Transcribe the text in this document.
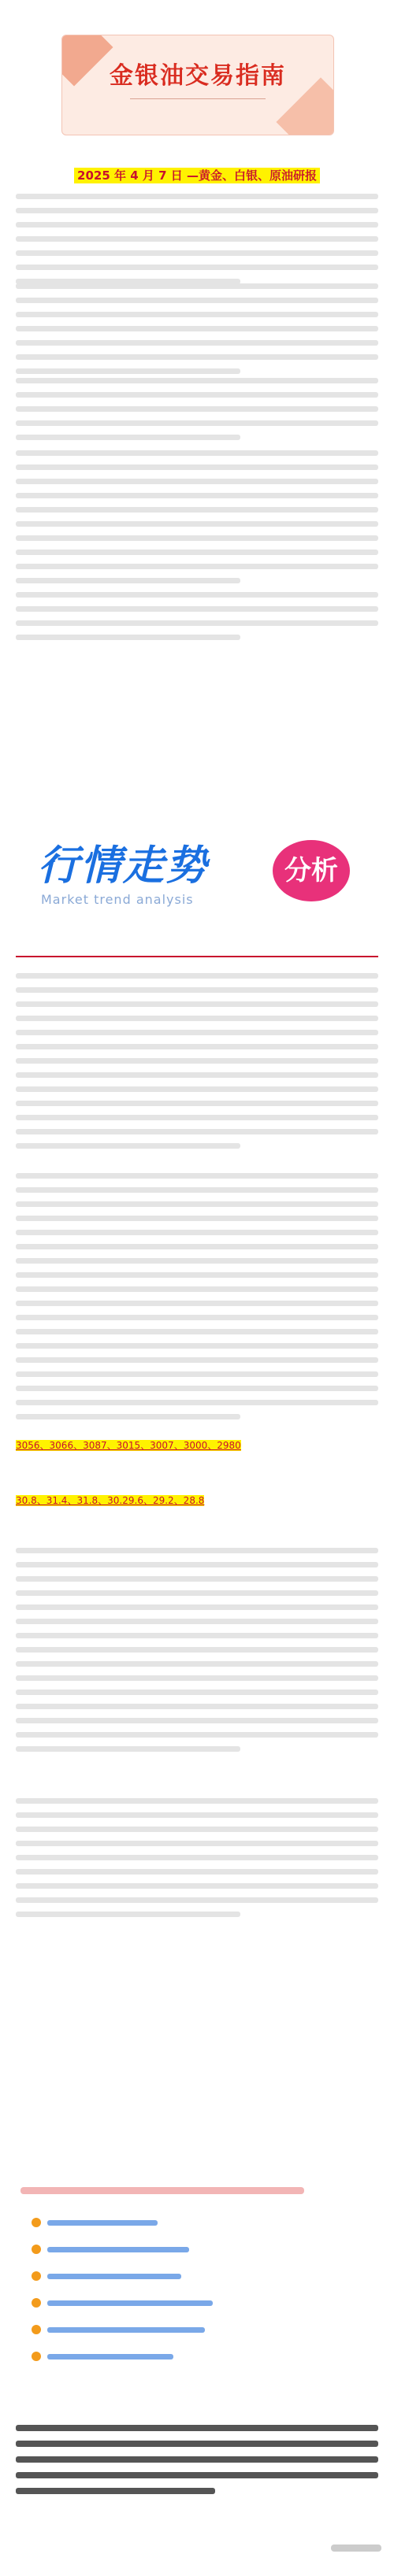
金银油交易指南
2025 年 4 月 7 日 —黄金、白银、原油研报
行情走势
Market trend analysis
分析
3056、3066、3087、3015、3007、3000、2980
30.8、31.4、31.8、30.29.6、29.2、28.8
